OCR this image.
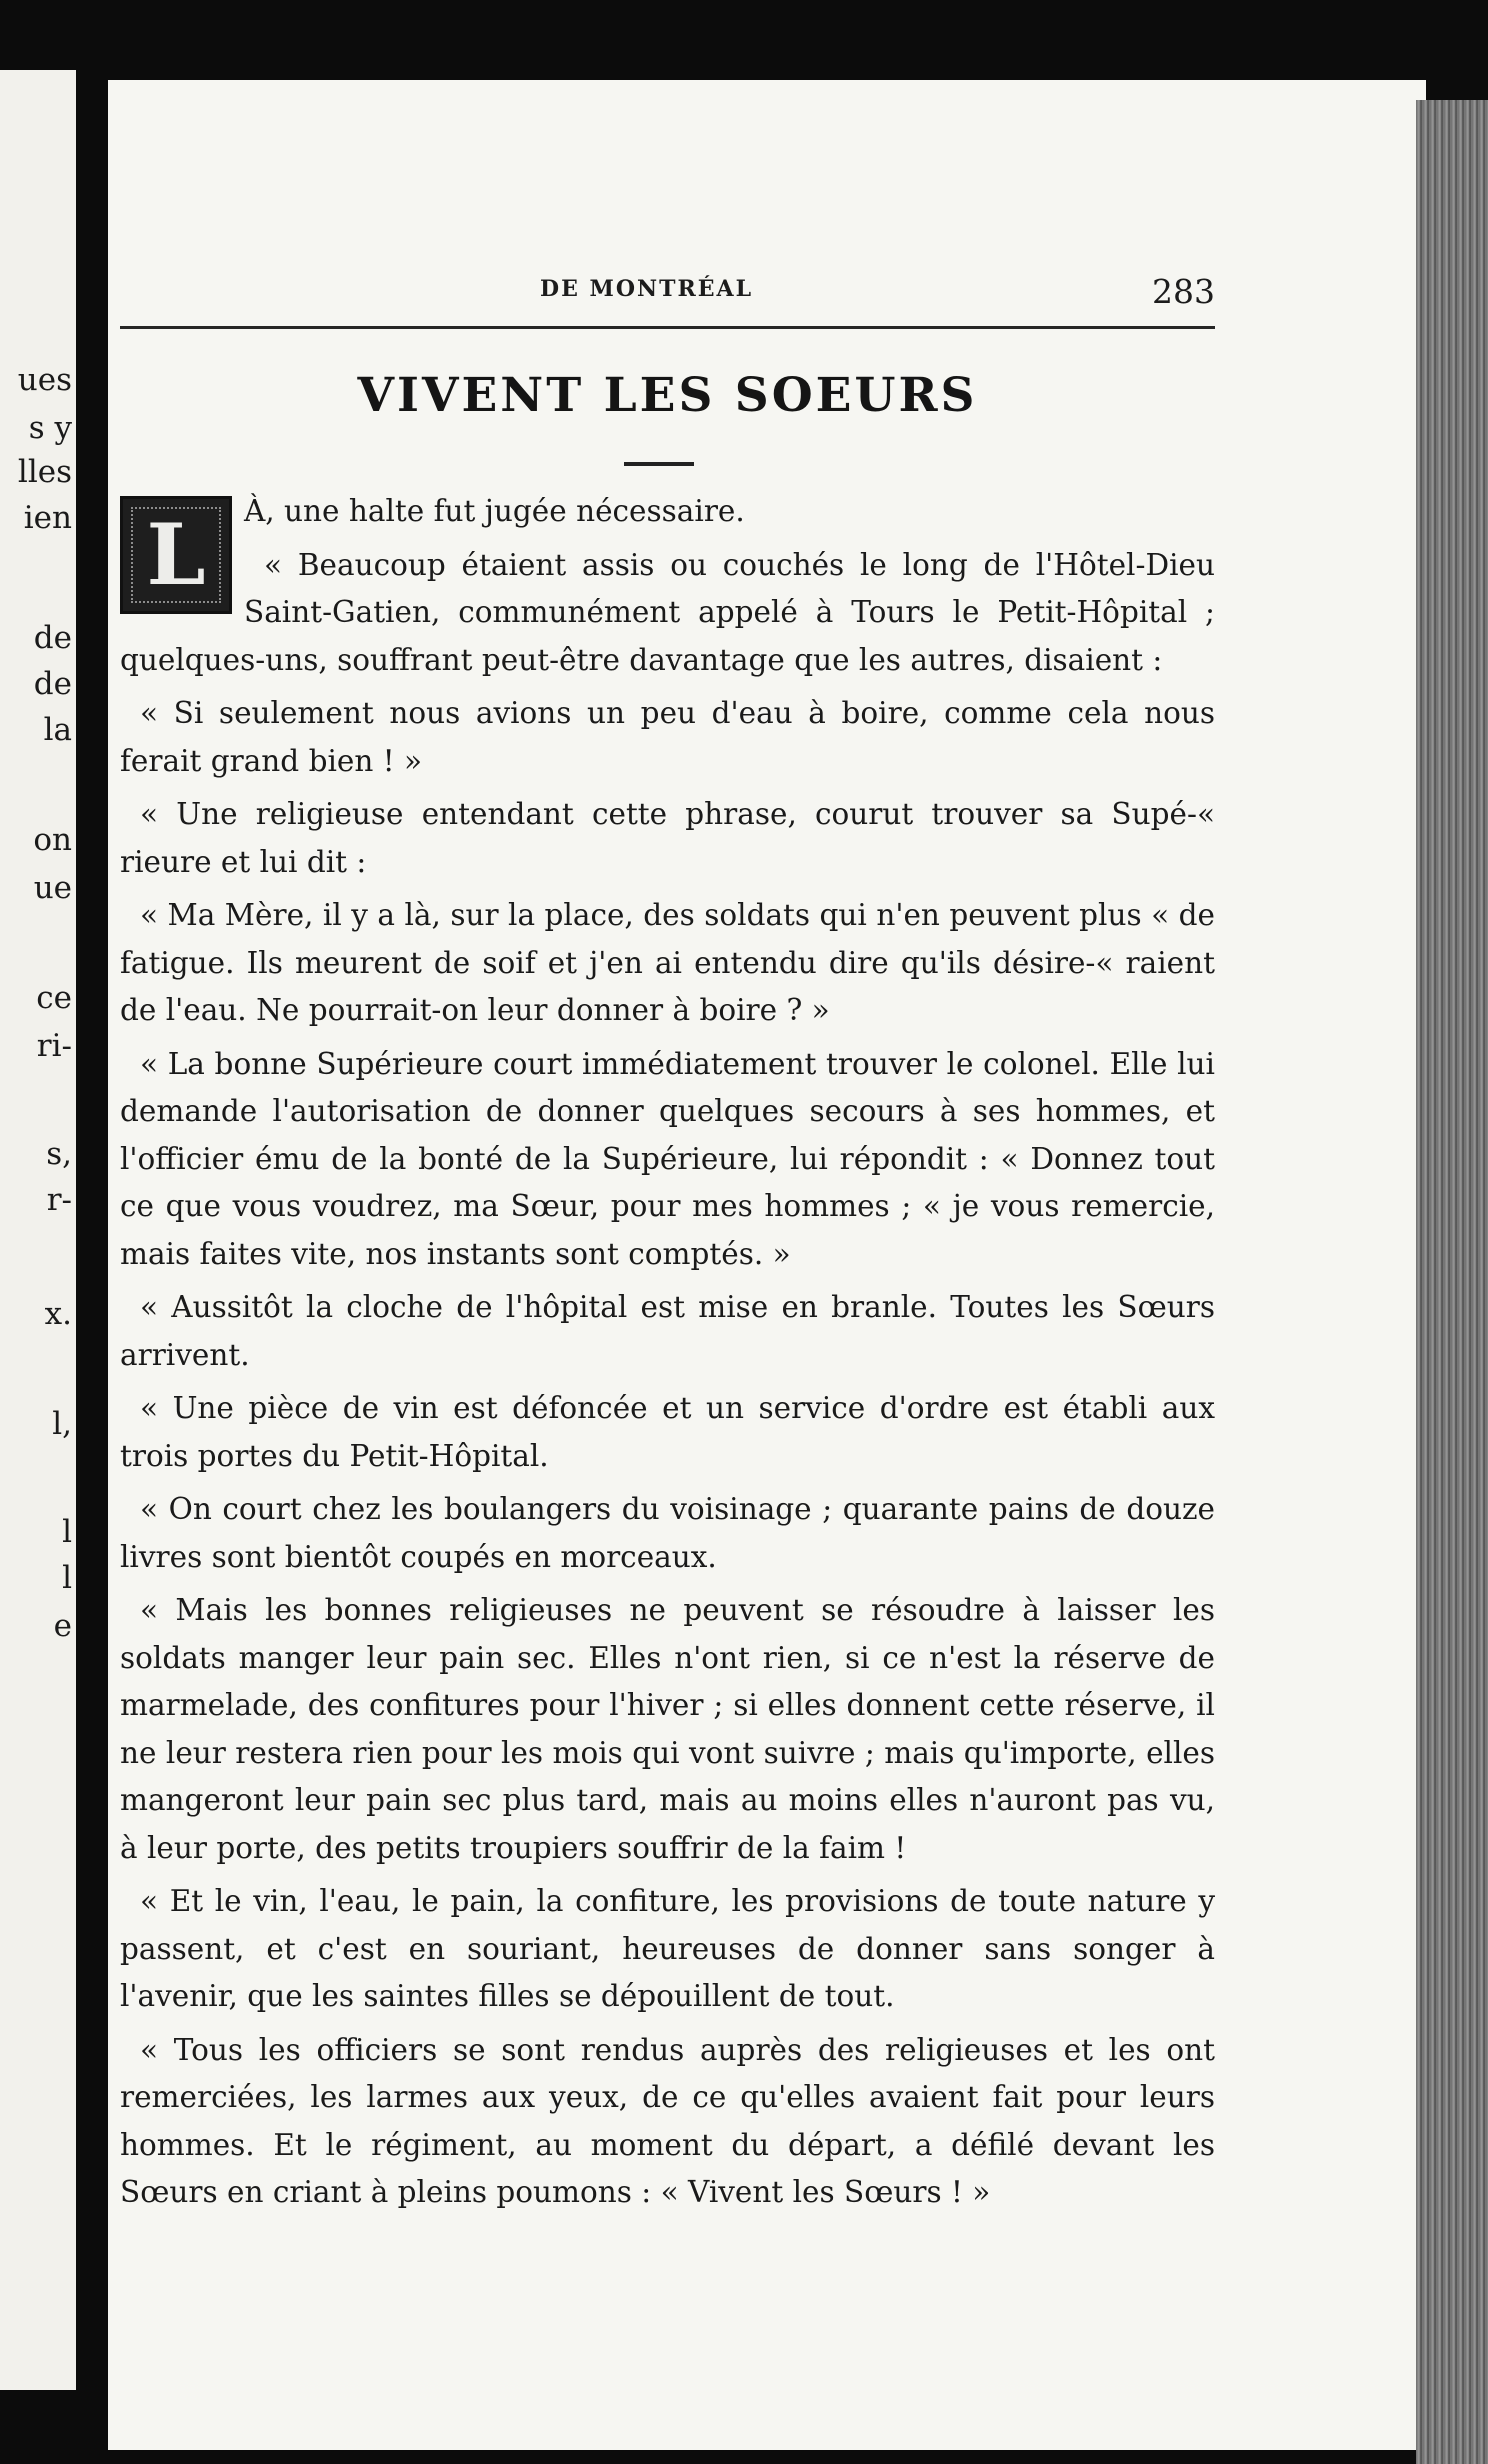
ues
s y
lles
ien
de
de
la
on
ue
ce
ri-
s,
r-
x.
l,
l
l
e
DE MONTRÉAL	283
VIVENT LES SOEURS
L	À, une halte fut jugée nécessaire.

« Beaucoup étaient assis ou couchés le long de l'Hôtel-Dieu Saint-Gatien, communément appelé à Tours le Petit-Hôpital ; quelques-uns, souffrant peut-être davantage que les autres, disaient :

« Si seulement nous avions un peu d'eau à boire, comme cela nous ferait grand bien ! »

« Une religieuse entendant cette phrase, courut trouver sa Supé-« rieure et lui dit :

« Ma Mère, il y a là, sur la place, des soldats qui n'en peuvent plus « de fatigue. Ils meurent de soif et j'en ai entendu dire qu'ils désire-« raient de l'eau. Ne pourrait-on leur donner à boire ? »

« La bonne Supérieure court immédiatement trouver le colonel. Elle lui demande l'autorisation de donner quelques secours à ses hommes, et l'officier ému de la bonté de la Supérieure, lui répondit : « Donnez tout ce que vous voudrez, ma Sœur, pour mes hommes ; « je vous remercie, mais faites vite, nos instants sont comptés. »

« Aussitôt la cloche de l'hôpital est mise en branle. Toutes les Sœurs arrivent.

« Une pièce de vin est défoncée et un service d'ordre est établi aux trois portes du Petit-Hôpital.

« On court chez les boulangers du voisinage ; quarante pains de douze livres sont bientôt coupés en morceaux.

« Mais les bonnes religieuses ne peuvent se résoudre à laisser les soldats manger leur pain sec. Elles n'ont rien, si ce n'est la réserve de marmelade, des confitures pour l'hiver ; si elles donnent cette réserve, il ne leur restera rien pour les mois qui vont suivre ; mais qu'importe, elles mangeront leur pain sec plus tard, mais au moins elles n'auront pas vu, à leur porte, des petits troupiers souffrir de la faim !

« Et le vin, l'eau, le pain, la confiture, les provisions de toute nature y passent, et c'est en souriant, heureuses de donner sans songer à l'avenir, que les saintes filles se dépouillent de tout.

« Tous les officiers se sont rendus auprès des religieuses et les ont remerciées, les larmes aux yeux, de ce qu'elles avaient fait pour leurs hommes. Et le régiment, au moment du départ, a défilé devant les Sœurs en criant à pleins poumons : « Vivent les Sœurs ! »
